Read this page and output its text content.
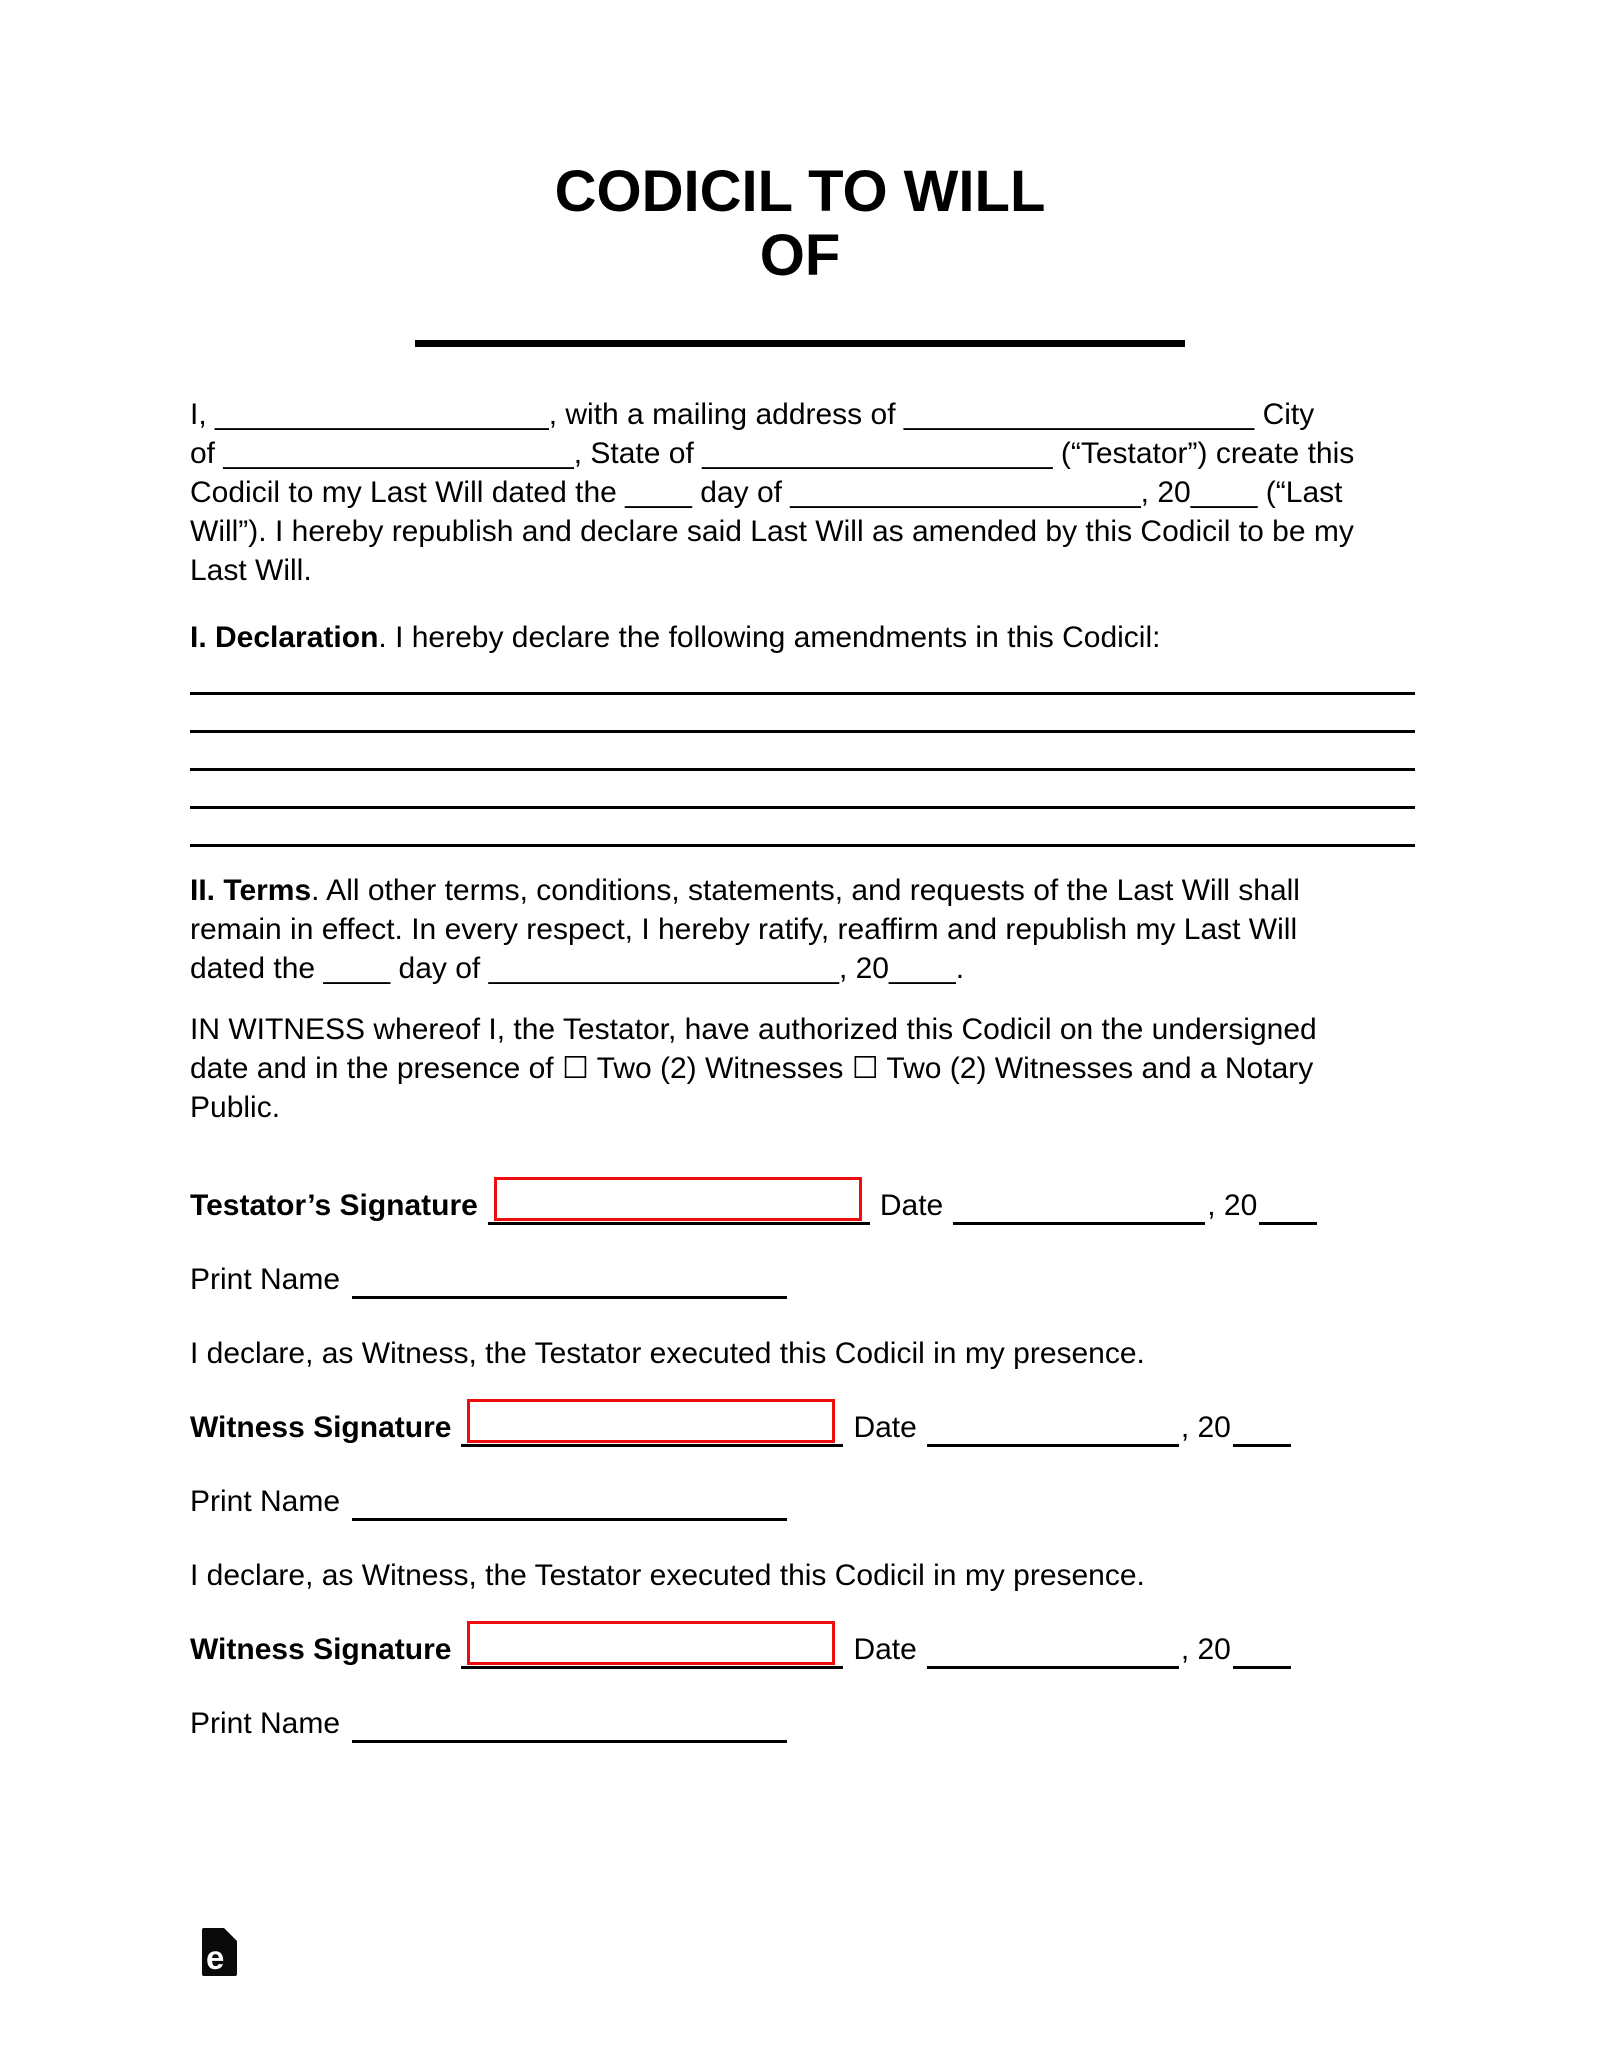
CODICIL TO WILL
OF
I, ____________________, with a mailing address of _____________________ City
of _____________________, State of _____________________ (“Testator”) create this
Codicil to my Last Will dated the ____ day of _____________________, 20____ (“Last
Will”). I hereby republish and declare said Last Will as amended by this Codicil to be my
Last Will.
I. Declaration. I hereby declare the following amendments in this Codicil:
II. Terms. All other terms, conditions, statements, and requests of the Last Will shall
remain in effect. In every respect, I hereby ratify, reaffirm and republish my Last Will
dated the ____ day of _____________________, 20____.
IN WITNESS whereof I, the Testator, have authorized this Codicil on the undersigned
date and in the presence of ☐ Two (2) Witnesses ☐ Two (2) Witnesses and a Notary
Public.
Testator’s Signature	Date	, 20
Print Name
I declare, as Witness, the Testator executed this Codicil in my presence.
Witness Signature	Date	, 20
Print Name
I declare, as Witness, the Testator executed this Codicil in my presence.
Witness Signature	Date	, 20
Print Name
e
